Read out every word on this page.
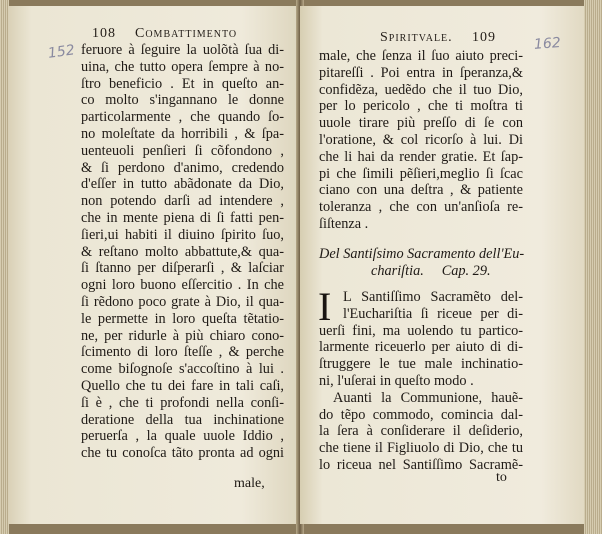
152
108 Combattimento
feruore à ſeguire la uolõtà ſua di-
uina, che tutto opera ſempre à no-
ſtro beneficio . Et in queſto an-
co molto s'ingannano le donne
particolarmente , che quando ſo-
no moleſtate da horribili , & ſpa-
uenteuoli penſieri ſi cõfondono ,
& ſi perdono d'animo, credendo
d'eſſer in tutto abãdonate da Dio,
non potendo darſi ad intendere ,
che in mente piena di ſi fatti pen-
ſieri,ui habiti il diuino ſpirito ſuo,
& reſtano molto abbattute,& qua-
ſi ſtanno per diſperarſi , & laſciar
ogni loro buono eſſercitio . In che
ſi rẽdono poco grate à Dio, il qua-
le permette in loro queſta tẽtatio-
ne, per ridurle à più chiaro cono-
ſcimento di loro ſteſſe , & perche
come biſognoſe s'accoſtino à lui .
Quello che tu dei fare in tali caſi,
ſi è , che ti profondi nella conſi-
deratione della tua inchinatione
peruerſa , la quale uuole Iddio ,
che tu conoſca tãto pronta ad ogni
male,
Spiritvale. 109	162
male, che ſenza il ſuo aiuto preci-
pitareſſi . Poi entra in ſperanza,&
confidẽza, uedẽdo che il tuo Dio,
per lo pericolo , che ti moſtra ti
uuole tirare più preſſo di ſe con
l'oratione, & col ricorſo à lui. Di
che li hai da render gratie. Et ſap-
pi che ſimili pẽſieri,meglio ſi ſcac
ciano con una deſtra , & patiente
toleranza , che con un'anſioſa re-
ſiſtenza .
Del Santiſsimo Sacramento dell'Eu-
chariſtia.     Cap. 29.
I L Santiſſimo Sacramẽto del-
l'Euchariſtia ſi riceue per di-
uerſi fini, ma uolendo tu partico-
larmente riceuerlo per aiuto di di-
ſtruggere le tue male inchinatio-
ni, l'uſerai in queſto modo .
Auanti la Communione, hauẽ-
do tẽpo commodo, comincia dal-
la ſera à conſiderare il deſiderio,
che tiene il Figliuolo di Dio, che tu
lo riceua nel Santiſſimo Sacramẽ-
to
